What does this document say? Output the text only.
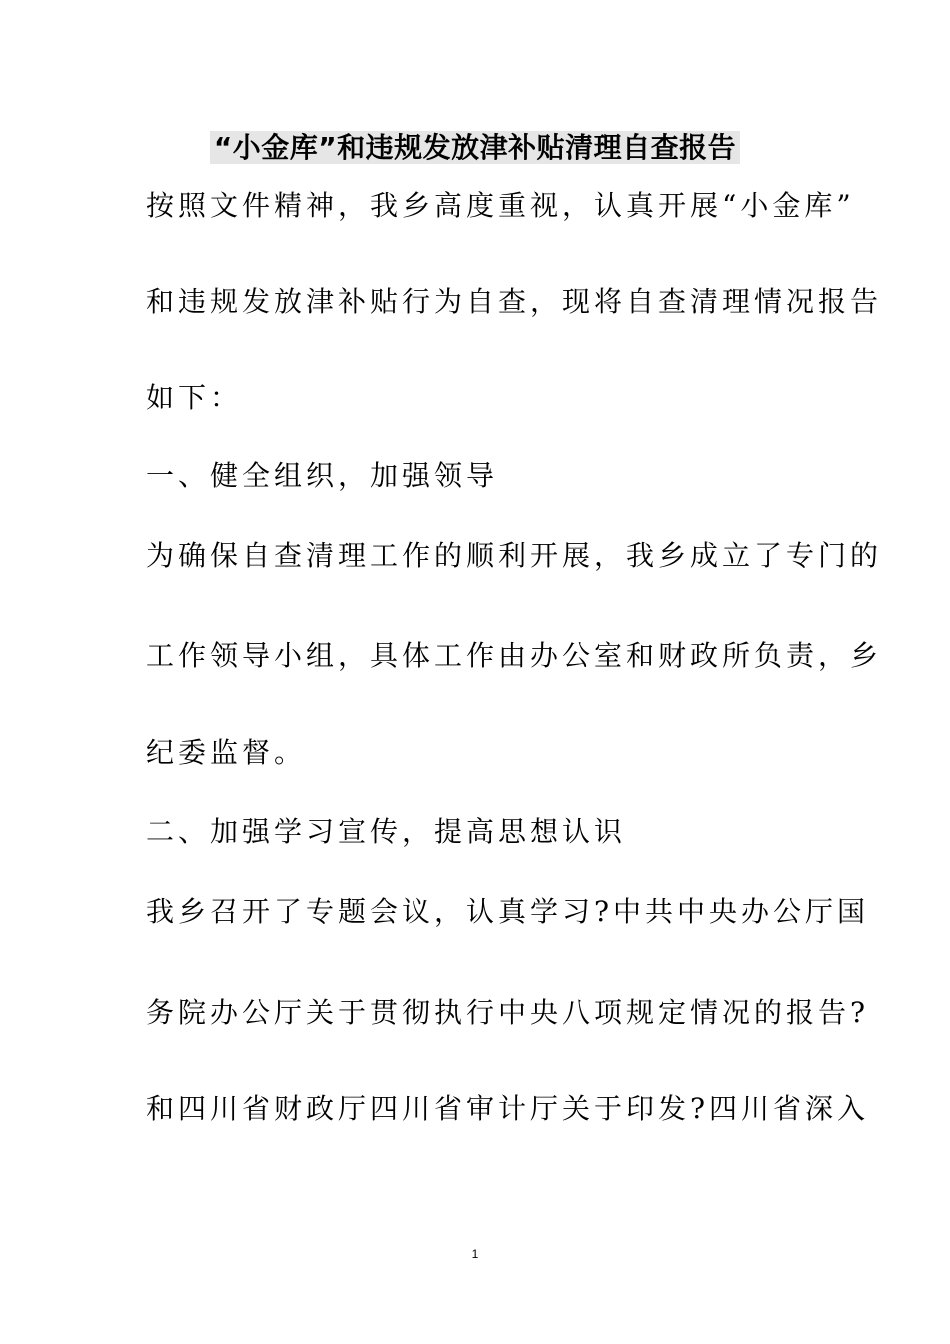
“小金库”和违规发放津补贴清理自查报告
按照文件精神，我乡高度重视，认真开展“小金库”
和违规发放津补贴行为自查，现将自查清理情况报告
如下：
一、健全组织，加强领导
为确保自查清理工作的顺利开展，我乡成立了专门的
工作领导小组，具体工作由办公室和财政所负责，乡
纪委监督。
二、加强学习宣传，提高思想认识
我乡召开了专题会议，认真学习?中共中央办公厅国
务院办公厅关于贯彻执行中央八项规定情况的报告?
和四川省财政厅四川省审计厅关于印发?四川省深入
1
